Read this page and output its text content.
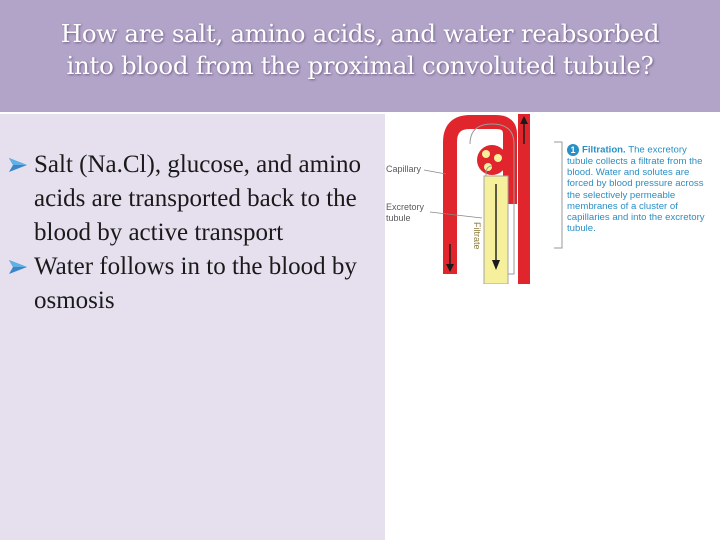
How are salt, amino acids, and water reabsorbed
into blood from the proximal convoluted tubule?
Salt (Na.Cl), glucose, and amino acids are transported back to the blood by active transport
Water follows in to the blood by osmosis
Capillary
Excretory
tubule
Filtrate
1 Filtration. The excretory tubule collects a filtrate from the blood. Water and solutes are forced by blood pressure across the selectively permeable membranes of a cluster of capillaries and into the excretory tubule.
